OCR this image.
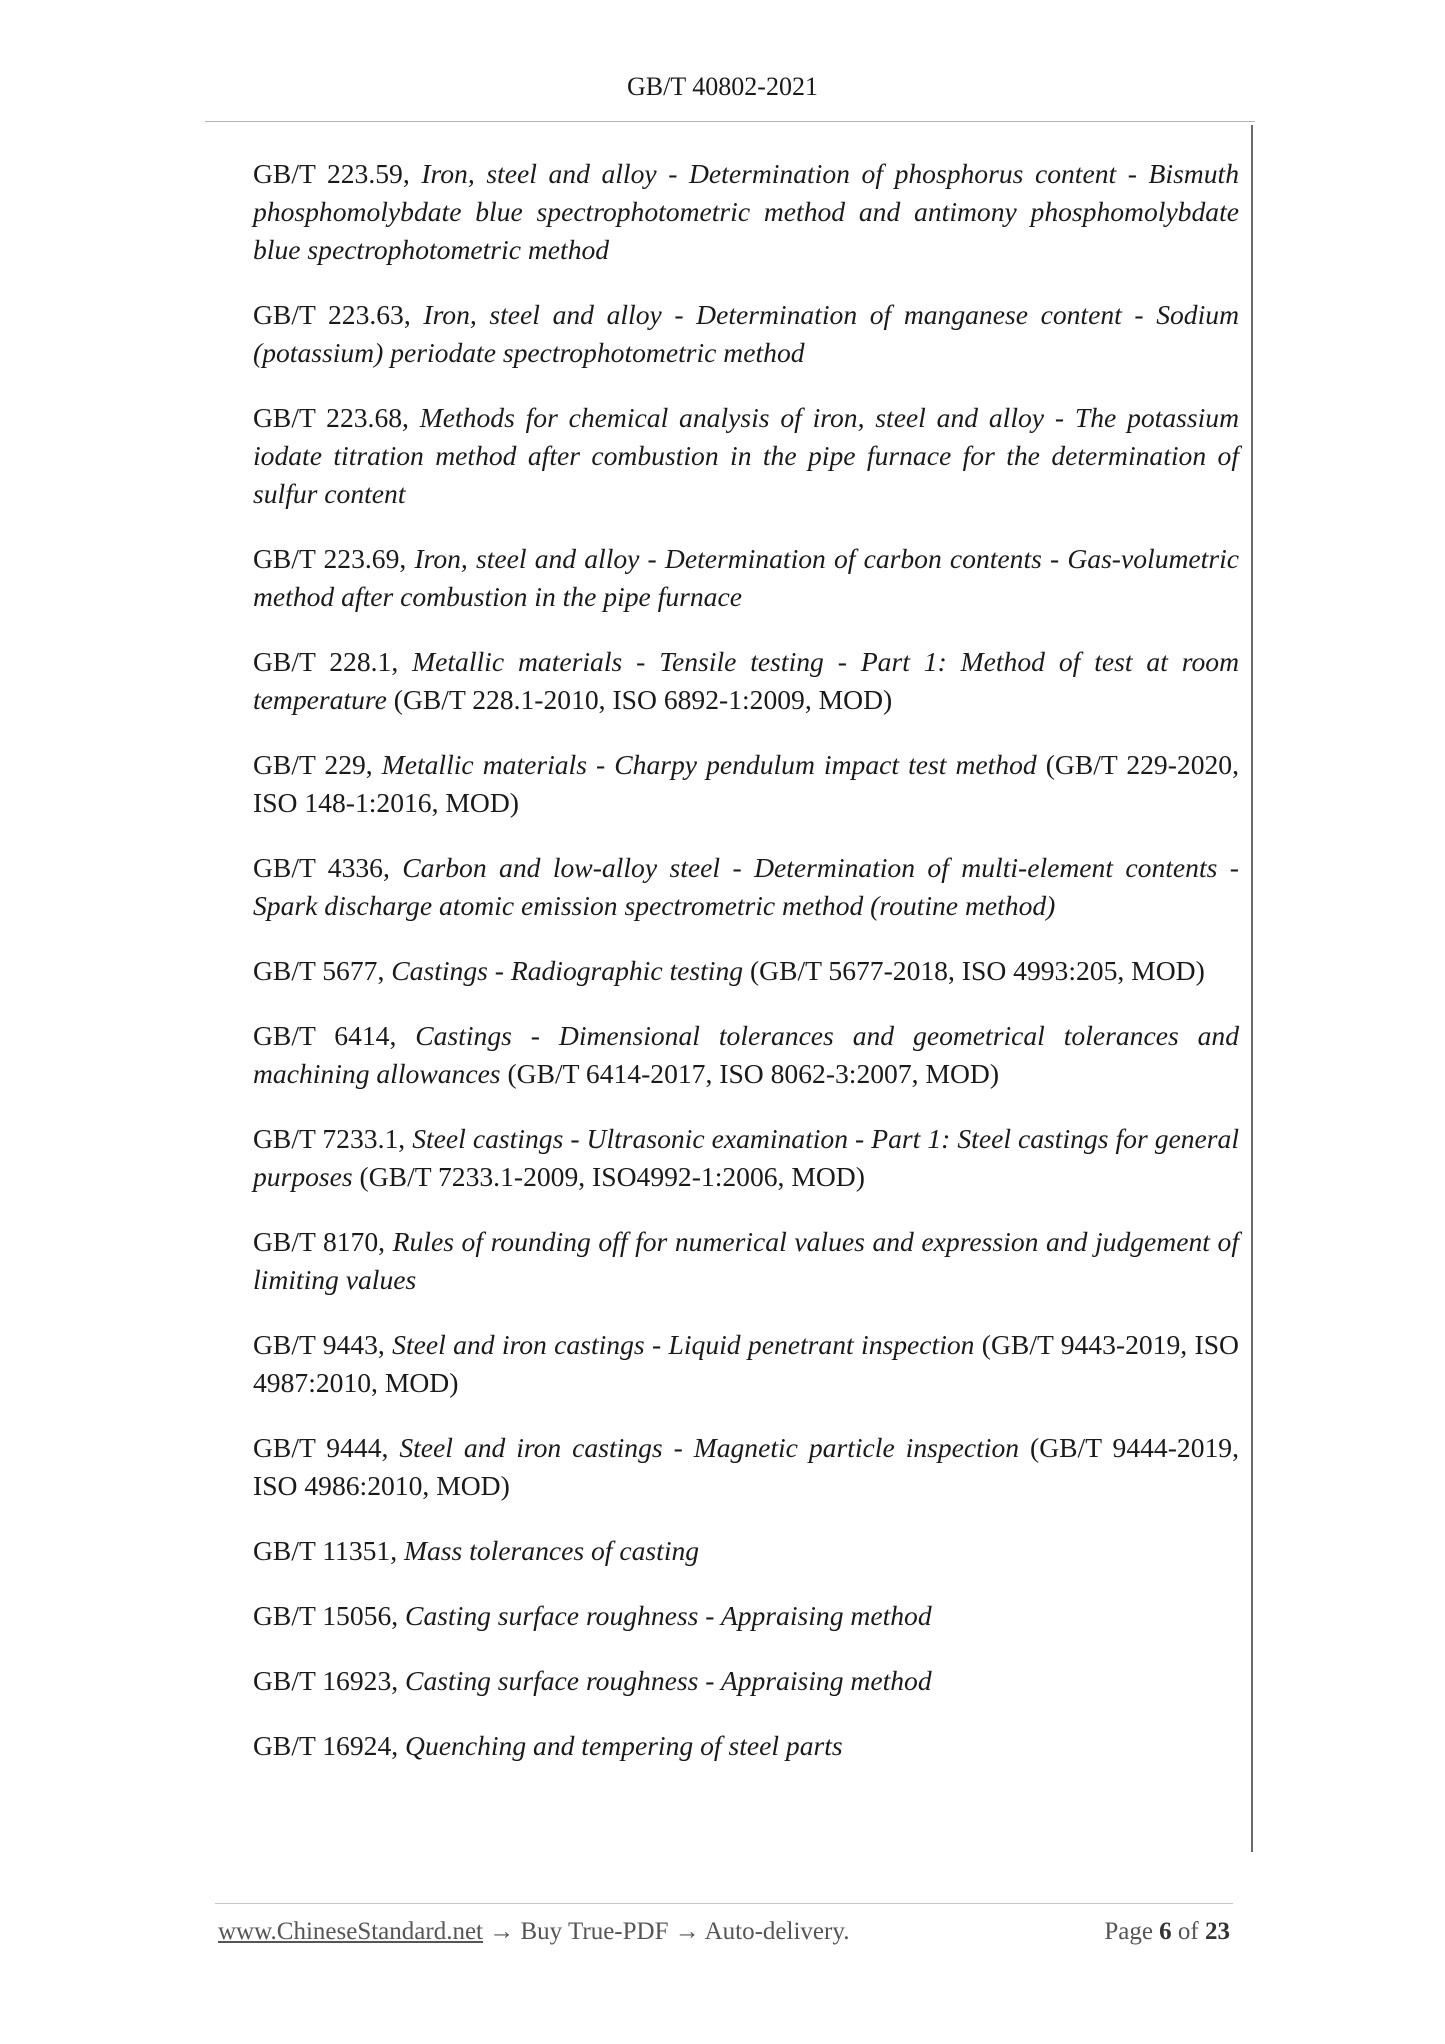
GB/T 40802-2021

GB/T 223.59, Iron, steel and alloy - Determination of phosphorus content - Bismuth phosphomolybdate blue spectrophotometric method and antimony phosphomolybdate blue spectrophotometric method

GB/T 223.63, Iron, steel and alloy - Determination of manganese content - Sodium (potassium) periodate spectrophotometric method

GB/T 223.68, Methods for chemical analysis of iron, steel and alloy - The potassium iodate titration method after combustion in the pipe furnace for the determination of sulfur content

GB/T 223.69, Iron, steel and alloy - Determination of carbon contents - Gas-volumetric method after combustion in the pipe furnace

GB/T 228.1, Metallic materials - Tensile testing - Part 1: Method of test at room temperature (GB/T 228.1-2010, ISO 6892-1:2009, MOD)

GB/T 229, Metallic materials - Charpy pendulum impact test method (GB/T 229-2020, ISO 148-1:2016, MOD)

GB/T 4336, Carbon and low-alloy steel - Determination of multi-element contents - Spark discharge atomic emission spectrometric method (routine method)

GB/T 5677, Castings - Radiographic testing (GB/T 5677-2018, ISO 4993:205, MOD)

GB/T 6414, Castings - Dimensional tolerances and geometrical tolerances and machining allowances (GB/T 6414-2017, ISO 8062-3:2007, MOD)

GB/T 7233.1, Steel castings - Ultrasonic examination - Part 1: Steel castings for general purposes (GB/T 7233.1-2009, ISO4992-1:2006, MOD)

GB/T 8170, Rules of rounding off for numerical values and expression and judgement of limiting values

GB/T 9443, Steel and iron castings - Liquid penetrant inspection (GB/T 9443-2019, ISO 4987:2010, MOD)

GB/T 9444, Steel and iron castings - Magnetic particle inspection (GB/T 9444-2019, ISO 4986:2010, MOD)

GB/T 11351, Mass tolerances of casting

GB/T 15056, Casting surface roughness - Appraising method

GB/T 16923, Casting surface roughness - Appraising method

GB/T 16924, Quenching and tempering of steel parts

www.ChineseStandard.net → Buy True-PDF → Auto-delivery.	Page 6 of 23
